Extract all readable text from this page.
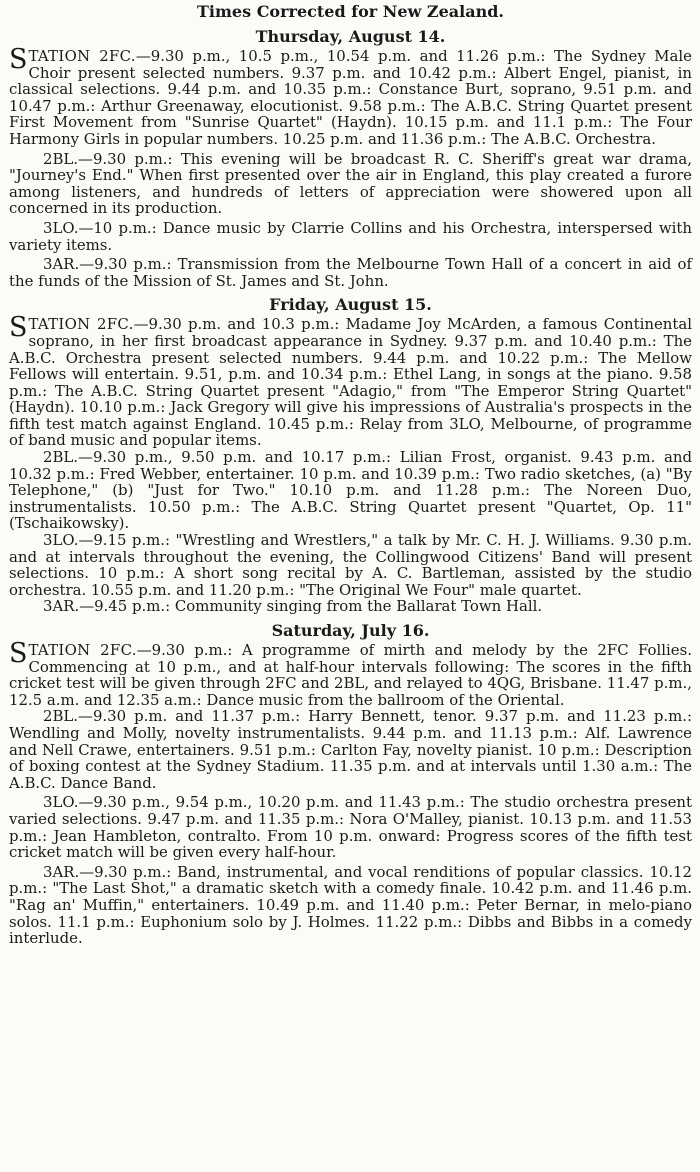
Times Corrected for New Zealand.
Thursday, August 14.

STATION 2FC.—9.30 p.m., 10.5 p.m., 10.54 p.m. and 11.26 p.m.: The Sydney Male Choir present selected numbers. 9.37 p.m. and 10.42 p.m.: Albert Engel, pianist, in classical selections. 9.44 p.m. and 10.35 p.m.: Constance Burt, soprano, 9.51 p.m. and 10.47 p.m.: Arthur Greenaway, elocutionist. 9.58 p.m.: The A.B.C. String Quartet present First Movement from "Sunrise Quartet" (Haydn). 10.15 p.m. and 11.1 p.m.: The Four Harmony Girls in popular numbers. 10.25 p.m. and 11.36 p.m.: The A.B.C. Orchestra.

2BL.—9.30 p.m.: This evening will be broadcast R. C. Sheriff's great war drama, "Journey's End." When first presented over the air in England, this play created a furore among listeners, and hundreds of letters of appreciation were showered upon all concerned in its production.

3LO.—10 p.m.: Dance music by Clarrie Collins and his Orchestra, interspersed with variety items.

3AR.—9.30 p.m.: Transmission from the Melbourne Town Hall of a concert in aid of the funds of the Mission of St. James and St. John.

Friday, August 15.

STATION 2FC.—9.30 p.m. and 10.3 p.m.: Madame Joy McArden, a famous Continental soprano, in her first broadcast appearance in Sydney. 9.37 p.m. and 10.40 p.m.: The A.B.C. Orchestra present selected numbers. 9.44 p.m. and 10.22 p.m.: The Mellow Fellows will entertain. 9.51, p.m. and 10.34 p.m.: Ethel Lang, in songs at the piano. 9.58 p.m.: The A.B.C. String Quartet present "Adagio," from "The Emperor String Quartet" (Haydn). 10.10 p.m.: Jack Gregory will give his impressions of Australia's prospects in the fifth test match against England. 10.45 p.m.: Relay from 3LO, Melbourne, of programme of band music and popular items.

2BL.—9.30 p.m., 9.50 p.m. and 10.17 p.m.: Lilian Frost, organist. 9.43 p.m. and 10.32 p.m.: Fred Webber, entertainer. 10 p.m. and 10.39 p.m.: Two radio sketches, (a) "By Telephone," (b) "Just for Two." 10.10 p.m. and 11.28 p.m.: The Noreen Duo, instrumentalists. 10.50 p.m.: The A.B.C. String Quartet present "Quartet, Op. 11" (Tschaikowsky).

3LO.—9.15 p.m.: "Wrestling and Wrestlers," a talk by Mr. C. H. J. Williams. 9.30 p.m. and at intervals throughout the evening, the Collingwood Citizens' Band will present selections. 10 p.m.: A short song recital by A. C. Bartleman, assisted by the studio orchestra. 10.55 p.m. and 11.20 p.m.: "The Original We Four" male quartet.

3AR.—9.45 p.m.: Community singing from the Ballarat Town Hall.

Saturday, July 16.

STATION 2FC.—9.30 p.m.: A programme of mirth and melody by the 2FC Follies. Commencing at 10 p.m., and at half-hour intervals following: The scores in the fifth cricket test will be given through 2FC and 2BL, and relayed to 4QG, Brisbane. 11.47 p.m., 12.5 a.m. and 12.35 a.m.: Dance music from the ballroom of the Oriental.

2BL.—9.30 p.m. and 11.37 p.m.: Harry Bennett, tenor. 9.37 p.m. and 11.23 p.m.: Wendling and Molly, novelty instrumentalists. 9.44 p.m. and 11.13 p.m.: Alf. Lawrence and Nell Crawe, entertainers. 9.51 p.m.: Carlton Fay, novelty pianist. 10 p.m.: Description of boxing contest at the Sydney Stadium. 11.35 p.m. and at intervals until 1.30 a.m.: The A.B.C. Dance Band.

3LO.—9.30 p.m., 9.54 p.m., 10.20 p.m. and 11.43 p.m.: The studio orchestra present varied selections. 9.47 p.m. and 11.35 p.m.: Nora O'Malley, pianist. 10.13 p.m. and 11.53 p.m.: Jean Hambleton, contralto. From 10 p.m. onward: Progress scores of the fifth test cricket match will be given every half-hour.

3AR.—9.30 p.m.: Band, instrumental, and vocal renditions of popular classics. 10.12 p.m.: "The Last Shot," a dramatic sketch with a comedy finale. 10.42 p.m. and 11.46 p.m. "Rag an' Muffin," entertainers. 10.49 p.m. and 11.40 p.m.: Peter Bernar, in melo-piano solos. 11.1 p.m.: Euphonium solo by J. Holmes. 11.22 p.m.: Dibbs and Bibbs in a comedy interlude.
